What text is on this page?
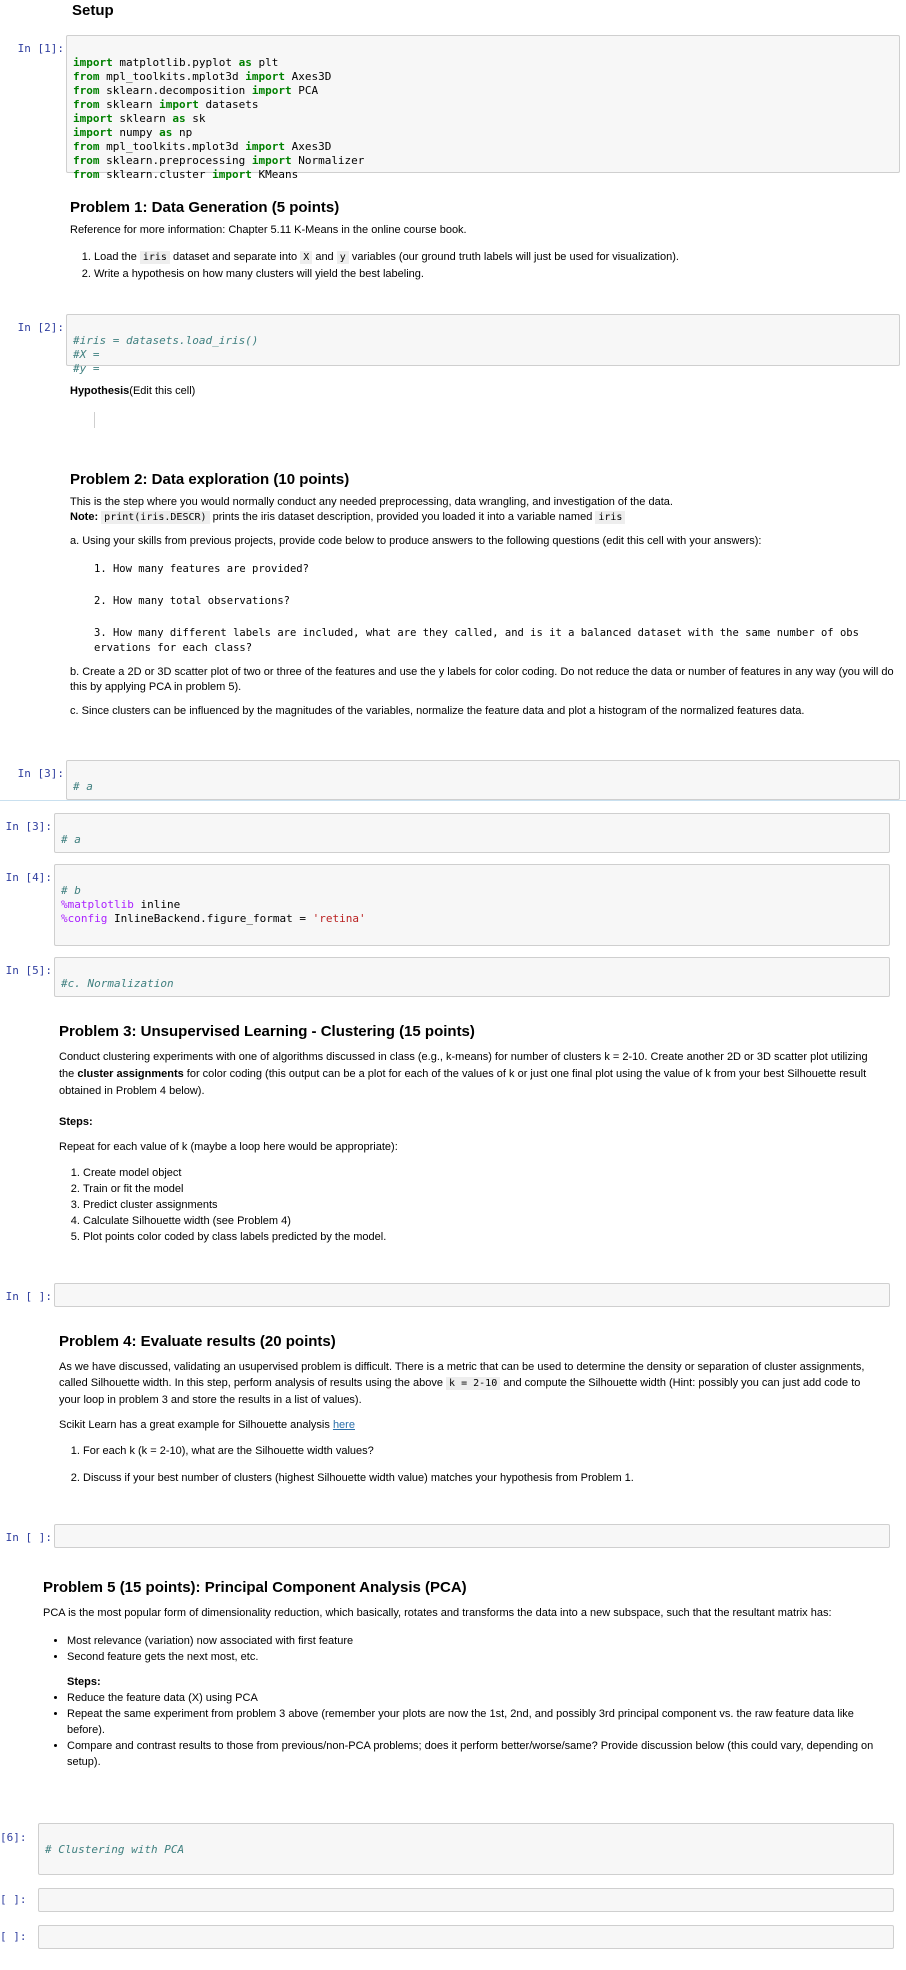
Setup
In [1]:

import matplotlib.pyplot as plt
from mpl_toolkits.mplot3d import Axes3D
from sklearn.decomposition import PCA
from sklearn import datasets
import sklearn as sk
import numpy as np
from mpl_toolkits.mplot3d import Axes3D
from sklearn.preprocessing import Normalizer
from sklearn.cluster import KMeans
Problem 1: Data Generation (5 points)

Reference for more information: Chapter 5.11 K-Means in the online course book.

1. Load the iris dataset and separate into X and y variables (our ground truth labels will just be used for visualization).
2. Write a hypothesis on how many clusters will yield the best labeling.
In [2]:

#iris = datasets.load_iris()
#X =
#y =
Hypothesis(Edit this cell)
Problem 2: Data exploration (10 points)

This is the step where you would normally conduct any needed preprocessing, data wrangling, and investigation of the data.

Note: print(iris.DESCR) prints the iris dataset description, provided you loaded it into a variable named iris

a. Using your skills from previous projects, provide code below to produce answers to the following questions (edit this cell with your answers):

1. How many features are provided?
2. How many total observations?
3. How many different labels are included, what are they called, and is it a balanced dataset with the same number of obs
ervations for each class?

b. Create a 2D or 3D scatter plot of two or three of the features and use the y labels for color coding. Do not reduce the data or number of features in any way (you will do this by applying PCA in problem 5).

c. Since clusters can be influenced by the magnitudes of the variables, normalize the feature data and plot a histogram of the normalized features data.

In [3]:

# a
In [3]:

# a
In [4]:

# b
%matplotlib inline
%config InlineBackend.figure_format = 'retina'
In [5]:

#c. Normalization
Problem 3: Unsupervised Learning - Clustering (15 points)

Conduct clustering experiments with one of algorithms discussed in class (e.g., k-means) for number of clusters k = 2-10. Create another 2D or 3D scatter plot utilizing the cluster assignments for color coding (this output can be a plot for each of the values of k or just one final plot using the value of k from your best Silhouette result obtained in Problem 4 below).

Steps:

Repeat for each value of k (maybe a loop here would be appropriate):

1. Create model object
2. Train or fit the model
3. Predict cluster assignments
4. Calculate Silhouette width (see Problem 4)
5. Plot points color coded by class labels predicted by the model.
In [ ]:
Problem 4: Evaluate results (20 points)

As we have discussed, validating an usupervised problem is difficult. There is a metric that can be used to determine the density or separation of cluster assignments, called Silhouette width. In this step, perform analysis of results using the above k = 2-10 and compute the Silhouette width (Hint: possibly you can just add code to your loop in problem 3 and store the results in a list of values).

Scikit Learn has a great example for Silhouette analysis here

1. For each k (k = 2-10), what are the Silhouette width values?
2. Discuss if your best number of clusters (highest Silhouette width value) matches your hypothesis from Problem 1.
In [ ]:
Problem 5 (15 points): Principal Component Analysis (PCA)

PCA is the most popular form of dimensionality reduction, which basically, rotates and transforms the data into a new subspace, such that the resultant matrix has:

• Most relevance (variation) now associated with first feature
• Second feature gets the next most, etc.

Steps:

• Reduce the feature data (X) using PCA
• Repeat the same experiment from problem 3 above (remember your plots are now the 1st, 2nd, and possibly 3rd principal component vs. the raw feature data like before).
• Compare and contrast results to those from previous/non-PCA problems; does it perform better/worse/same? Provide discussion below (this could vary, depending on setup).
[6]:

# Clustering with PCA
[ ]:
[ ]:
